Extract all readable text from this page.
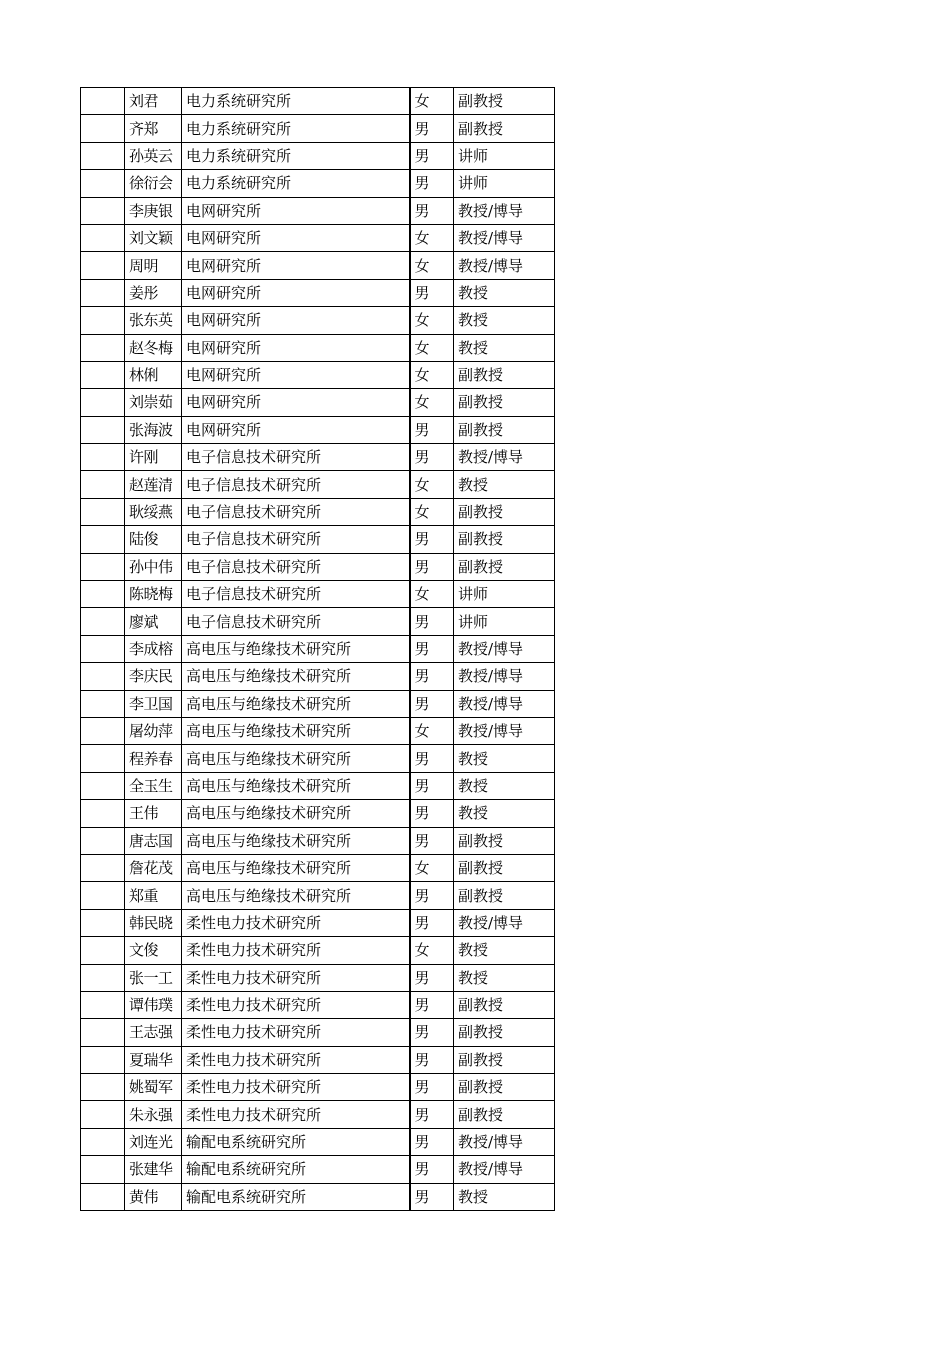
	刘君	电力系统研究所	女	副教授
	齐郑	电力系统研究所	男	副教授
	孙英云	电力系统研究所	男	讲师
	徐衍会	电力系统研究所	男	讲师
	李庚银	电网研究所	男	教授/博导
	刘文颖	电网研究所	女	教授/博导
	周明	电网研究所	女	教授/博导
	姜彤	电网研究所	男	教授
	张东英	电网研究所	女	教授
	赵冬梅	电网研究所	女	教授
	林俐	电网研究所	女	副教授
	刘崇茹	电网研究所	女	副教授
	张海波	电网研究所	男	副教授
	许刚	电子信息技术研究所	男	教授/博导
	赵莲清	电子信息技术研究所	女	教授
	耿绥燕	电子信息技术研究所	女	副教授
	陆俊	电子信息技术研究所	男	副教授
	孙中伟	电子信息技术研究所	男	副教授
	陈晓梅	电子信息技术研究所	女	讲师
	廖斌	电子信息技术研究所	男	讲师
	李成榕	高电压与绝缘技术研究所	男	教授/博导
	李庆民	高电压与绝缘技术研究所	男	教授/博导
	李卫国	高电压与绝缘技术研究所	男	教授/博导
	屠幼萍	高电压与绝缘技术研究所	女	教授/博导
	程养春	高电压与绝缘技术研究所	男	教授
	全玉生	高电压与绝缘技术研究所	男	教授
	王伟	高电压与绝缘技术研究所	男	教授
	唐志国	高电压与绝缘技术研究所	男	副教授
	詹花茂	高电压与绝缘技术研究所	女	副教授
	郑重	高电压与绝缘技术研究所	男	副教授
	韩民晓	柔性电力技术研究所	男	教授/博导
	文俊	柔性电力技术研究所	女	教授
	张一工	柔性电力技术研究所	男	教授
	谭伟璞	柔性电力技术研究所	男	副教授
	王志强	柔性电力技术研究所	男	副教授
	夏瑞华	柔性电力技术研究所	男	副教授
	姚蜀军	柔性电力技术研究所	男	副教授
	朱永强	柔性电力技术研究所	男	副教授
	刘连光	输配电系统研究所	男	教授/博导
	张建华	输配电系统研究所	男	教授/博导
	黄伟	输配电系统研究所	男	教授
